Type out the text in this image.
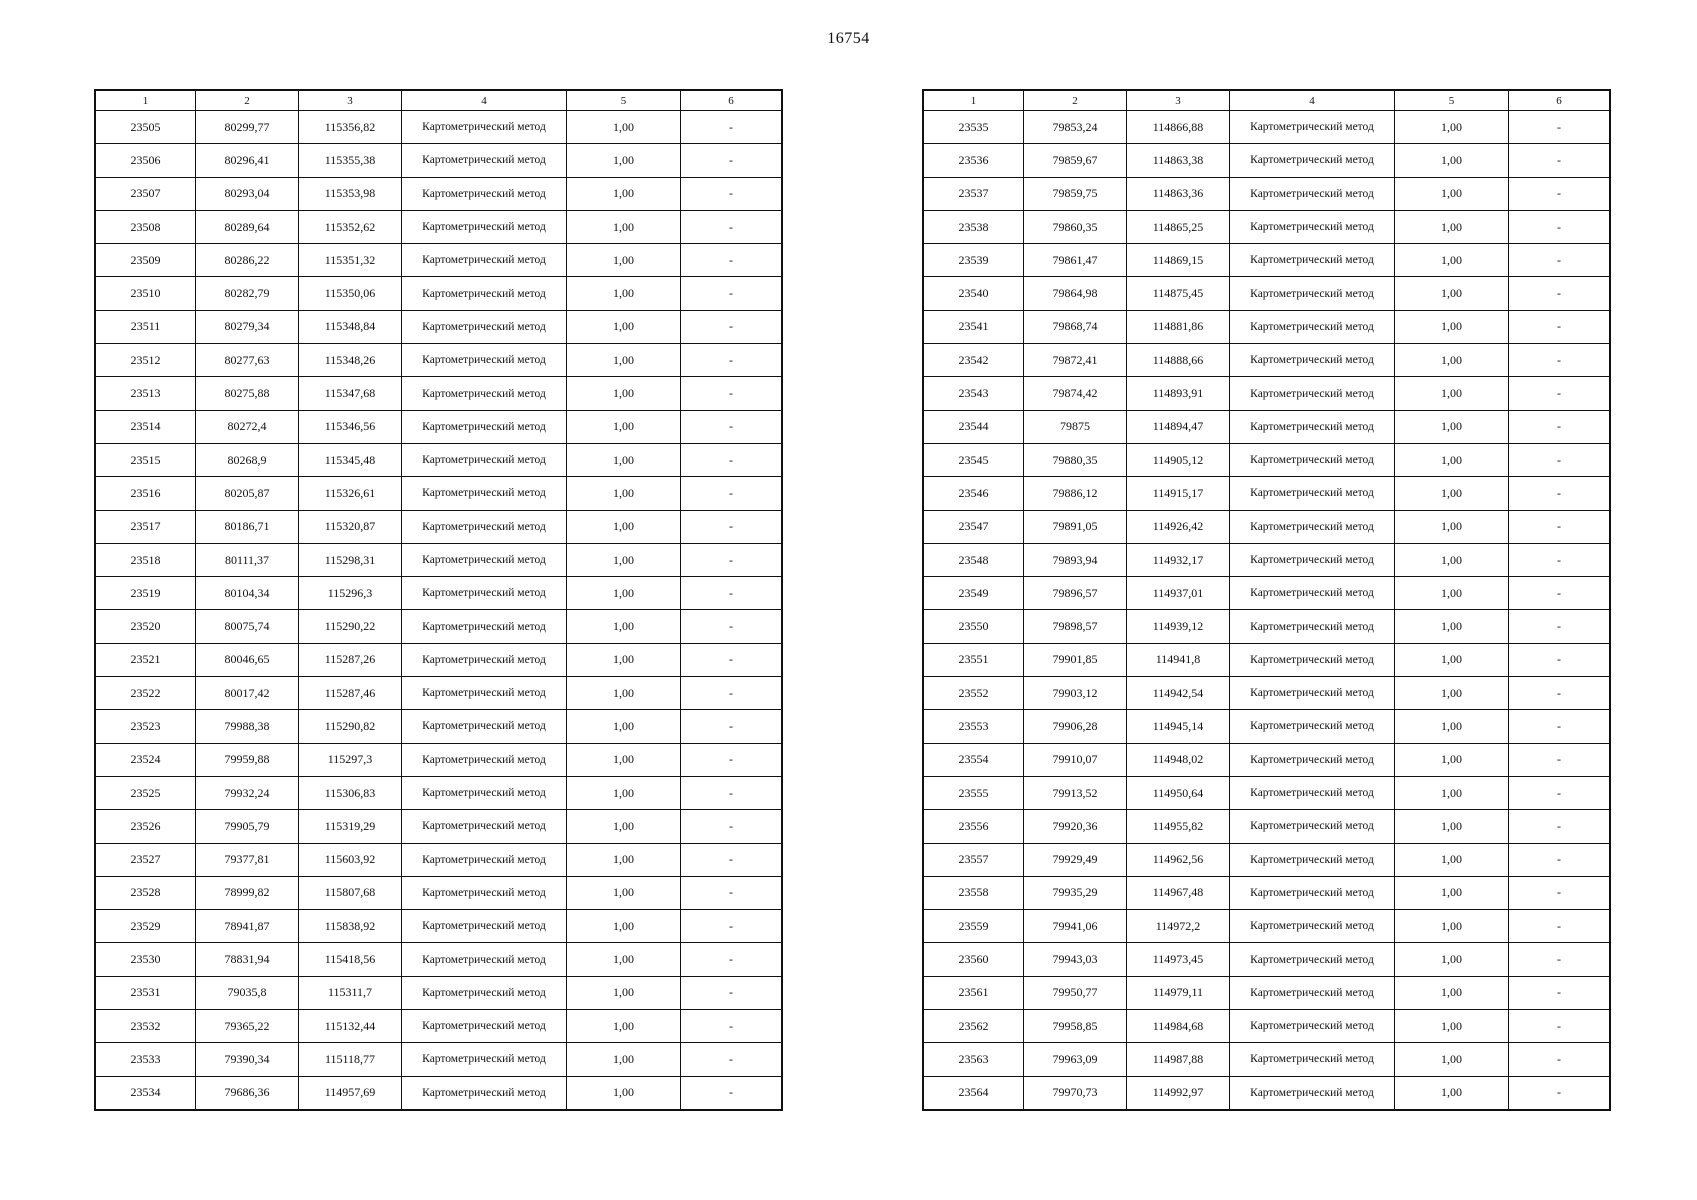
16754
1	2	3	4	5	6
23505	80299,77	115356,82	Картометрический метод	1,00	-
23506	80296,41	115355,38	Картометрический метод	1,00	-
23507	80293,04	115353,98	Картометрический метод	1,00	-
23508	80289,64	115352,62	Картометрический метод	1,00	-
23509	80286,22	115351,32	Картометрический метод	1,00	-
23510	80282,79	115350,06	Картометрический метод	1,00	-
23511	80279,34	115348,84	Картометрический метод	1,00	-
23512	80277,63	115348,26	Картометрический метод	1,00	-
23513	80275,88	115347,68	Картометрический метод	1,00	-
23514	80272,4	115346,56	Картометрический метод	1,00	-
23515	80268,9	115345,48	Картометрический метод	1,00	-
23516	80205,87	115326,61	Картометрический метод	1,00	-
23517	80186,71	115320,87	Картометрический метод	1,00	-
23518	80111,37	115298,31	Картометрический метод	1,00	-
23519	80104,34	115296,3	Картометрический метод	1,00	-
23520	80075,74	115290,22	Картометрический метод	1,00	-
23521	80046,65	115287,26	Картометрический метод	1,00	-
23522	80017,42	115287,46	Картометрический метод	1,00	-
23523	79988,38	115290,82	Картометрический метод	1,00	-
23524	79959,88	115297,3	Картометрический метод	1,00	-
23525	79932,24	115306,83	Картометрический метод	1,00	-
23526	79905,79	115319,29	Картометрический метод	1,00	-
23527	79377,81	115603,92	Картометрический метод	1,00	-
23528	78999,82	115807,68	Картометрический метод	1,00	-
23529	78941,87	115838,92	Картометрический метод	1,00	-
23530	78831,94	115418,56	Картометрический метод	1,00	-
23531	79035,8	115311,7	Картометрический метод	1,00	-
23532	79365,22	115132,44	Картометрический метод	1,00	-
23533	79390,34	115118,77	Картометрический метод	1,00	-
23534	79686,36	114957,69	Картометрический метод	1,00	-
1	2	3	4	5	6
23535	79853,24	114866,88	Картометрический метод	1,00	-
23536	79859,67	114863,38	Картометрический метод	1,00	-
23537	79859,75	114863,36	Картометрический метод	1,00	-
23538	79860,35	114865,25	Картометрический метод	1,00	-
23539	79861,47	114869,15	Картометрический метод	1,00	-
23540	79864,98	114875,45	Картометрический метод	1,00	-
23541	79868,74	114881,86	Картометрический метод	1,00	-
23542	79872,41	114888,66	Картометрический метод	1,00	-
23543	79874,42	114893,91	Картометрический метод	1,00	-
23544	79875	114894,47	Картометрический метод	1,00	-
23545	79880,35	114905,12	Картометрический метод	1,00	-
23546	79886,12	114915,17	Картометрический метод	1,00	-
23547	79891,05	114926,42	Картометрический метод	1,00	-
23548	79893,94	114932,17	Картометрический метод	1,00	-
23549	79896,57	114937,01	Картометрический метод	1,00	-
23550	79898,57	114939,12	Картометрический метод	1,00	-
23551	79901,85	114941,8	Картометрический метод	1,00	-
23552	79903,12	114942,54	Картометрический метод	1,00	-
23553	79906,28	114945,14	Картометрический метод	1,00	-
23554	79910,07	114948,02	Картометрический метод	1,00	-
23555	79913,52	114950,64	Картометрический метод	1,00	-
23556	79920,36	114955,82	Картометрический метод	1,00	-
23557	79929,49	114962,56	Картометрический метод	1,00	-
23558	79935,29	114967,48	Картометрический метод	1,00	-
23559	79941,06	114972,2	Картометрический метод	1,00	-
23560	79943,03	114973,45	Картометрический метод	1,00	-
23561	79950,77	114979,11	Картометрический метод	1,00	-
23562	79958,85	114984,68	Картометрический метод	1,00	-
23563	79963,09	114987,88	Картометрический метод	1,00	-
23564	79970,73	114992,97	Картометрический метод	1,00	-
